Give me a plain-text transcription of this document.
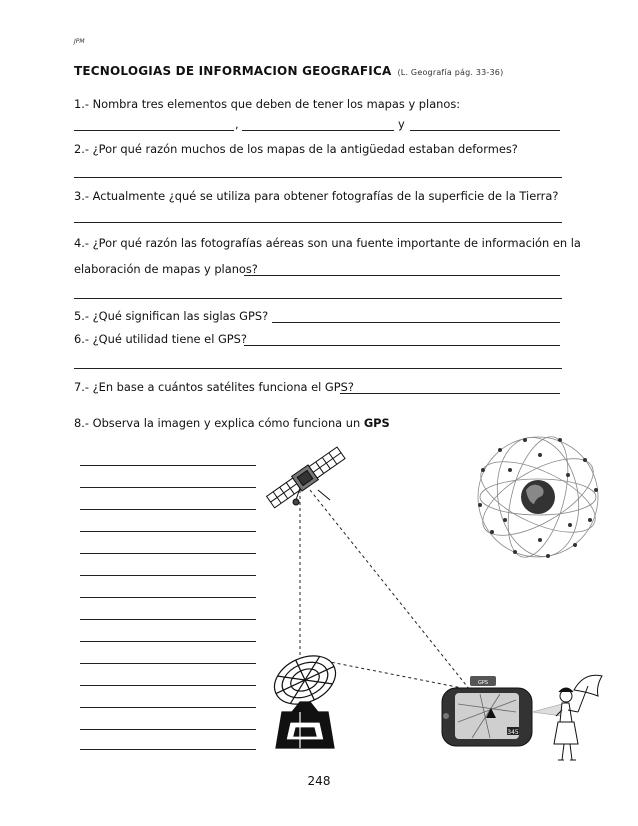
JPM
TECNOLOGIAS DE INFORMACION GEOGRAFICA (L. Geografía pág. 33-36)
1.- Nombra tres elementos que deben de tener los mapas y planos:
,	y
2.- ¿Por qué razón muchos de los mapas de la antigüedad estaban deformes?
3.- Actualmente ¿qué se utiliza para obtener fotografías de la superficie de la Tierra?
4.- ¿Por qué razón las fotografías aéreas son una fuente importante de información en la
elaboración de mapas y planos?
5.- ¿Qué significan las siglas GPS?
6.- ¿Qué utilidad tiene el GPS?
7.- ¿En base a cuántos satélites funciona el GPS?
8.- Observa la imagen y explica cómo funciona un GPS
GPS
345
248
